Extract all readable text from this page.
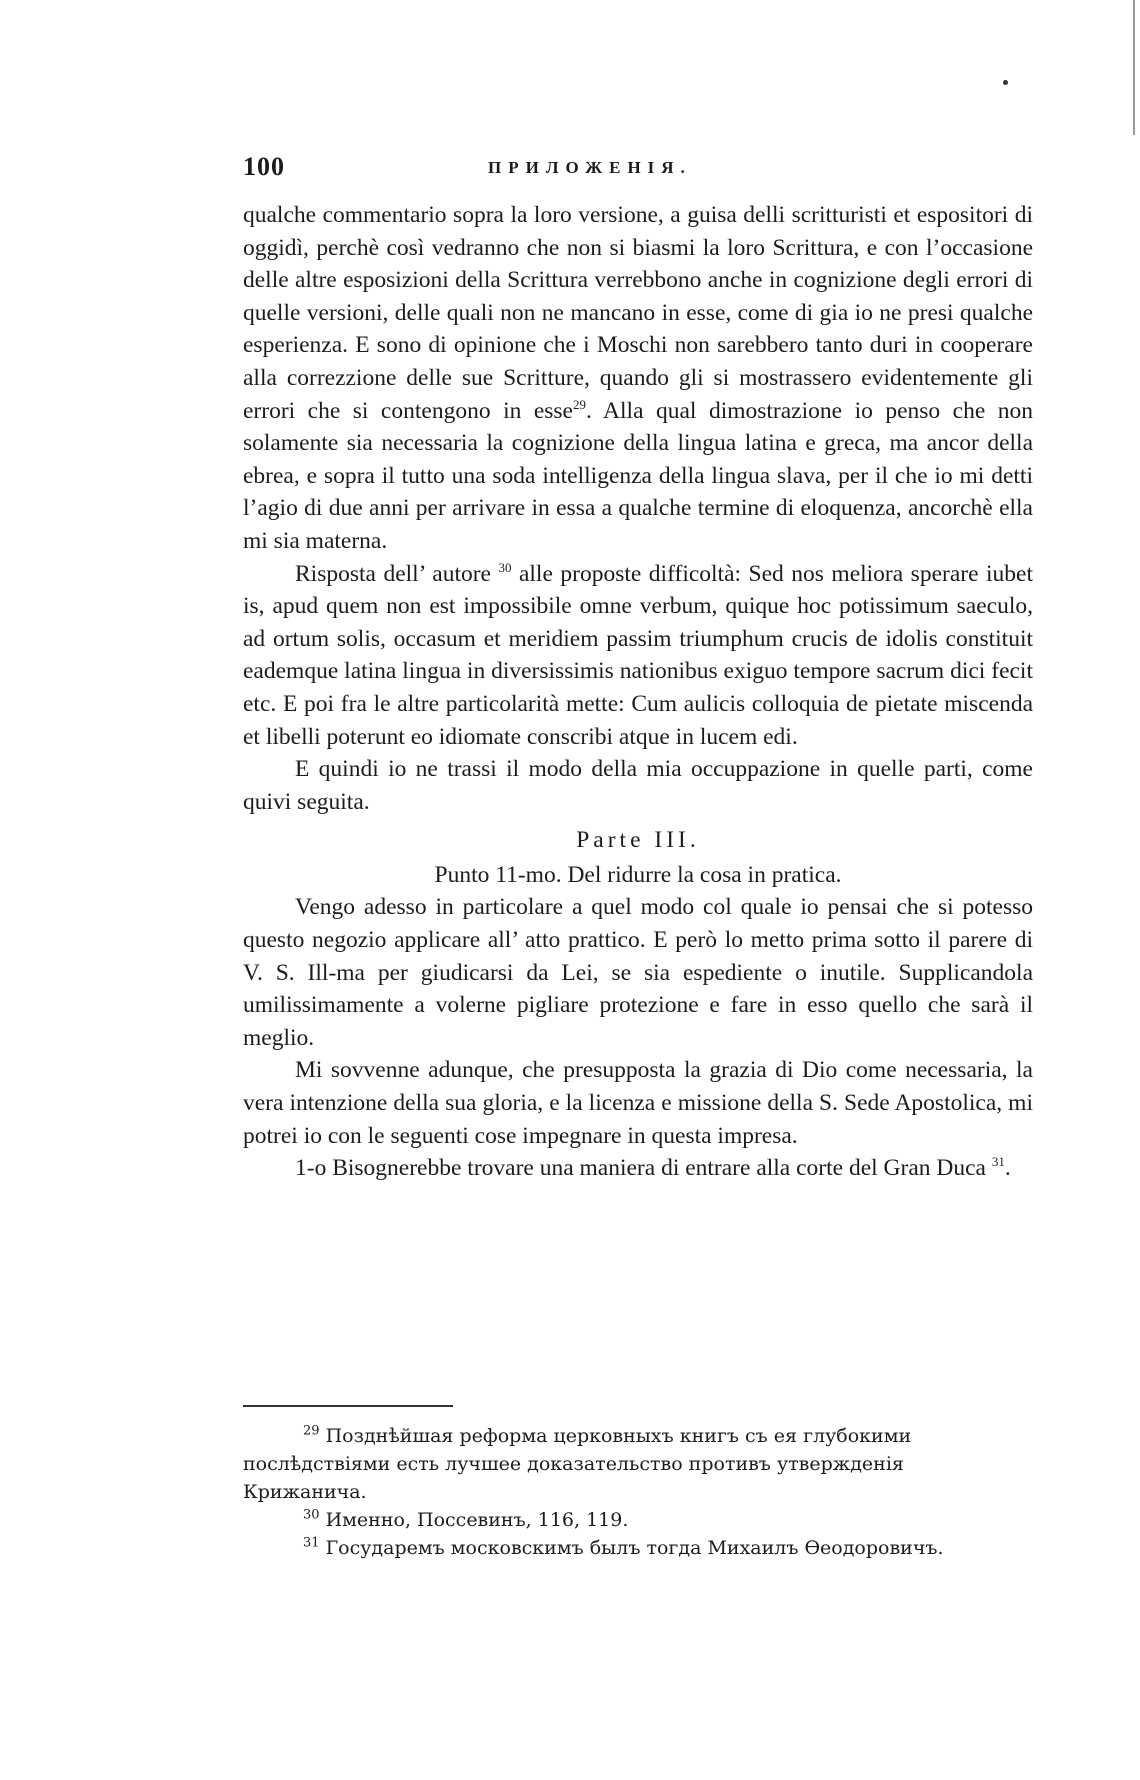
100	ПРИЛОЖЕНІЯ.

qualche commentario sopra la loro versione, a guisa delli scritturisti et espositori di oggidì, perchè così vedranno che non si biasmi la loro Scrittura, e con l’occasione delle altre esposizioni della Scrittura verrebbono anche in cognizione degli errori di quelle versioni, delle quali non ne mancano in esse, come di gia io ne presi qualche esperienza. E sono di opinione che i Moschi non sarebbero tanto duri in cooperare alla correzzione delle sue Scritture, quando gli si mostrassero evidentemente gli errori che si contengono in esse$^{29}$. Alla qual dimostrazione io penso che non solamente sia necessaria la cognizione della lingua latina e greca, ma ancor della ebrea, e sopra il tutto una soda intelligenza della lingua slava, per il che io mi detti l’agio di due anni per arrivare in essa a qualche termine di eloquenza, ancorchè ella mi sia materna.

Risposta dell’ autore $^{30}$ alle proposte difficoltà: Sed nos meliora sperare iubet is, apud quem non est impossibile omne verbum, quique hoc potissimum saeculo, ad ortum solis, occasum et meridiem passim triumphum crucis de idolis constituit eademque latina lingua in diversissimis nationibus exiguo tempore sacrum dici fecit etc. E poi fra le altre particolarità mette: Cum aulicis colloquia de pietate miscenda et libelli poterunt eo idiomate conscribi atque in lucem edi.

E quindi io ne trassi il modo della mia occuppazione in quelle parti, come quivi seguita.

Parte III.

Punto 11-mo. Del ridurre la cosa in pratica.

Vengo adesso in particolare a quel modo col quale io pensai che si potesso questo negozio applicare all’ atto prattico. E però lo metto prima sotto il parere di V. S. Ill-ma per giudicarsi da Lei, se sia espediente o inutile. Supplicandola umilissimamente a volerne pigliare protezione e fare in esso quello che sarà il meglio.

Mi sovvenne adunque, che presupposta la grazia di Dio come necessaria, la vera intenzione della sua gloria, e la licenza e missione della S. Sede Apostolica, mi potrei io con le seguenti cose impegnare in questa impresa.

1-o Bisognerebbe trovare una maniera di entrare alla corte del Gran Duca $^{31}$.

$^{29}$ Позднѣйшая реформа церковныхъ книгъ съ ея глубокими послѣдствіями есть лучшее доказательство противъ утвержденія Крижанича.

$^{30}$ Именно, Поссевинъ, 116, 119.

$^{31}$ Государемъ московскимъ былъ тогда Михаилъ Ѳеодоровичъ.
